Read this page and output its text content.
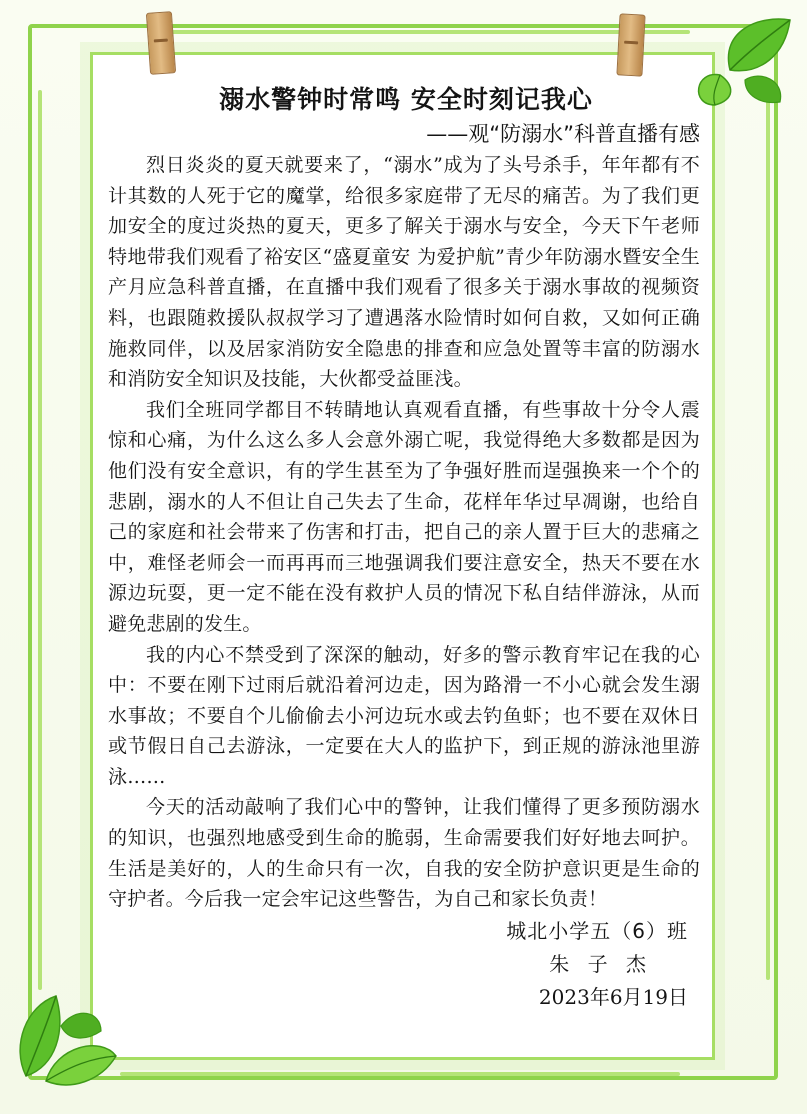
溺水警钟时常鸣 安全时刻记我心

——观“防溺水”科普直播有感

烈日炎炎的夏天就要来了，“溺水”成为了头号杀手，年年都有不计其数的人死于它的魔掌，给很多家庭带了无尽的痛苦。为了我们更加安全的度过炎热的夏天，更多了解关于溺水与安全，今天下午老师特地带我们观看了裕安区“盛夏童安 为爱护航”青少年防溺水暨安全生产月应急科普直播，在直播中我们观看了很多关于溺水事故的视频资料，也跟随救援队叔叔学习了遭遇落水险情时如何自救，又如何正确施救同伴，以及居家消防安全隐患的排查和应急处置等丰富的防溺水和消防安全知识及技能，大伙都受益匪浅。

我们全班同学都目不转睛地认真观看直播，有些事故十分令人震惊和心痛，为什么这么多人会意外溺亡呢，我觉得绝大多数都是因为他们没有安全意识，有的学生甚至为了争强好胜而逞强换来一个个的悲剧，溺水的人不但让自己失去了生命，花样年华过早凋谢，也给自己的家庭和社会带来了伤害和打击，把自己的亲人置于巨大的悲痛之中，难怪老师会一而再再而三地强调我们要注意安全，热天不要在水源边玩耍，更一定不能在没有救护人员的情况下私自结伴游泳，从而避免悲剧的发生。

我的内心不禁受到了深深的触动，好多的警示教育牢记在我的心中：不要在刚下过雨后就沿着河边走，因为路滑一不小心就会发生溺水事故；不要自个儿偷偷去小河边玩水或去钓鱼虾；也不要在双休日或节假日自己去游泳，一定要在大人的监护下，到正规的游泳池里游泳……

今天的活动敲响了我们心中的警钟，让我们懂得了更多预防溺水的知识，也强烈地感受到生命的脆弱，生命需要我们好好地去呵护。生活是美好的，人的生命只有一次，自我的安全防护意识更是生命的守护者。今后我一定会牢记这些警告，为自己和家长负责！

城北小学五（6）班

朱 子 杰

2023年6月19日
